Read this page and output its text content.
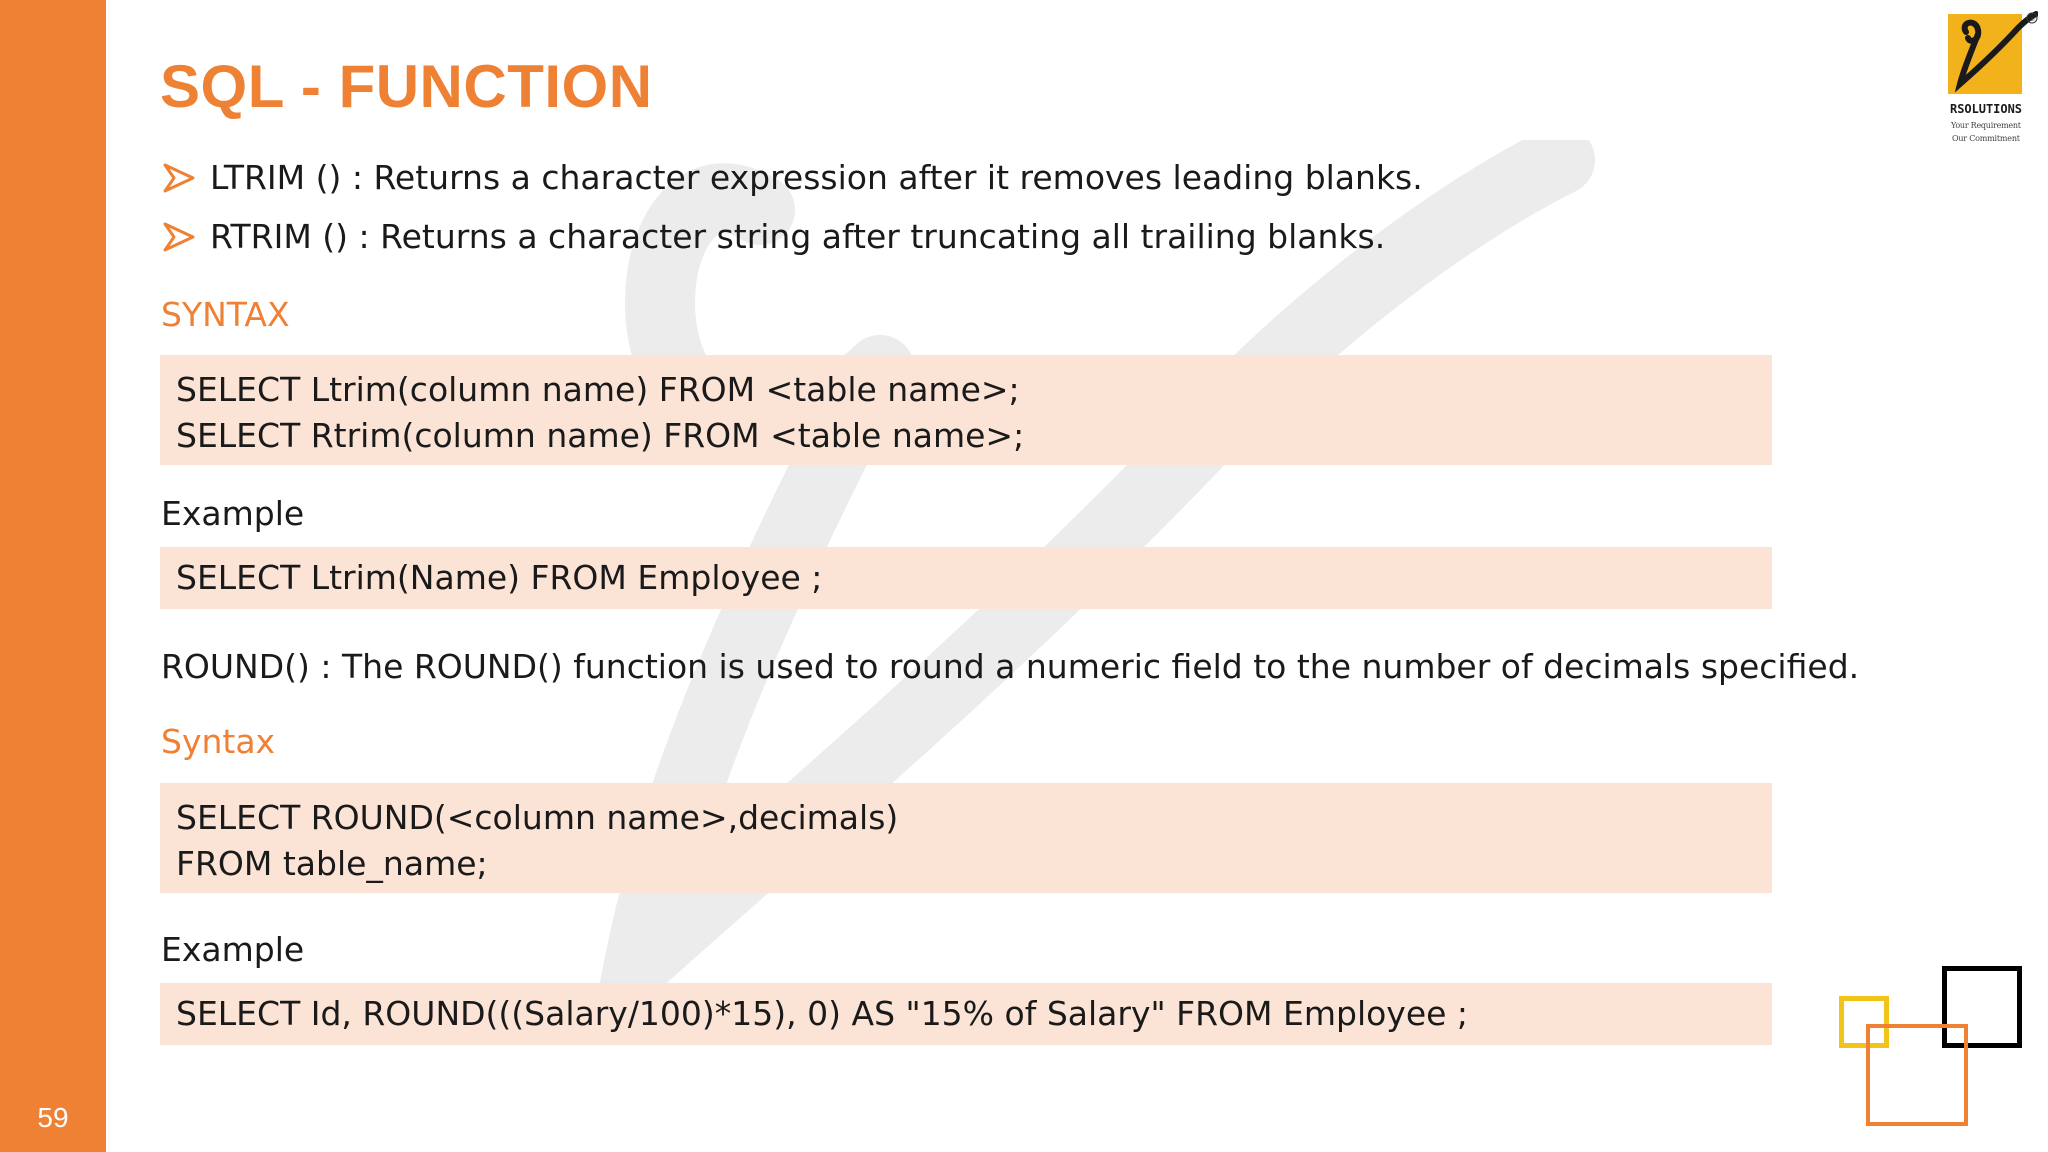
59
SQL - FUNCTION
LTRIM () : Returns a character expression after it removes leading blanks.
RTRIM () : Returns a character string after truncating all trailing blanks.
SYNTAX
SELECT Ltrim(column name) FROM <table name>;
SELECT Rtrim(column name) FROM <table name>;
Example
SELECT Ltrim(Name) FROM Employee ;
ROUND() : The ROUND() function is used to round a numeric field to the number of decimals specified.
Syntax
SELECT ROUND(<column name>,decimals)
FROM table_name;
Example
SELECT Id, ROUND(((Salary/100)*15), 0) AS "15% of Salary" FROM Employee ;
®
RSOLUTIONS
Your Requirement
Our Commitment
